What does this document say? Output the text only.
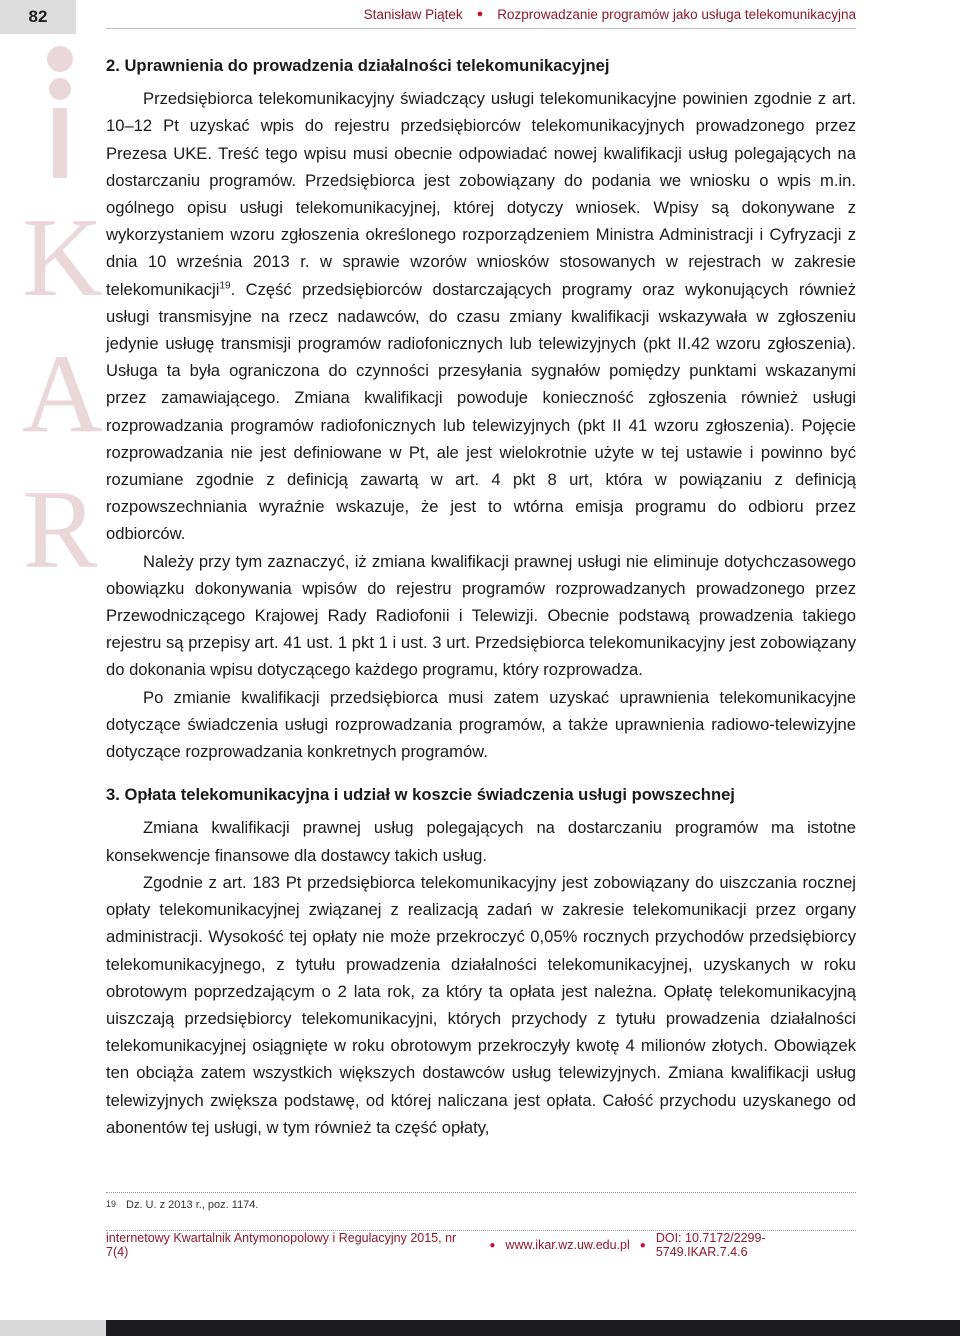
82	Stanisław Piątek ● Rozprowadzanie programów jako usługa telekomunikacyjna
K
A
R

2. Uprawnienia do prowadzenia działalności telekomunikacyjnej

Przedsiębiorca telekomunikacyjny świadczący usługi telekomunikacyjne powinien zgodnie z art. 10–12 Pt uzyskać wpis do rejestru przedsiębiorców telekomunikacyjnych prowadzonego przez Prezesa UKE. Treść tego wpisu musi obecnie odpowiadać nowej kwalifikacji usług polegających na dostarczaniu programów. Przedsiębiorca jest zobowiązany do podania we wniosku o wpis m.in. ogólnego opisu usługi telekomunikacyjnej, której dotyczy wniosek. Wpisy są dokonywane z wykorzystaniem wzoru zgłoszenia określonego rozporządzeniem Ministra Administracji i Cyfryzacji z dnia 10 września 2013 r. w sprawie wzorów wniosków stosowanych w rejestrach w zakresie telekomunikacji$^{19}$. Część przedsiębiorców dostarczających programy oraz wykonujących również usługi transmisyjne na rzecz nadawców, do czasu zmiany kwalifikacji wskazywała w zgłoszeniu jedynie usługę transmisji programów radiofonicznych lub telewizyjnych (pkt II.42 wzoru zgłoszenia). Usługa ta była ograniczona do czynności przesyłania sygnałów pomiędzy punktami wskazanymi przez zamawiającego. Zmiana kwalifikacji powoduje konieczność zgłoszenia również usługi rozprowadzania programów radiofonicznych lub telewizyjnych (pkt II 41 wzoru zgłoszenia). Pojęcie rozprowadzania nie jest definiowane w Pt, ale jest wielokrotnie użyte w tej ustawie i powinno być rozumiane zgodnie z definicją zawartą w art. 4 pkt 8 urt, która w powiązaniu z definicją rozpowszechniania wyraźnie wskazuje, że jest to wtórna emisja programu do odbioru przez odbiorców.

Należy przy tym zaznaczyć, iż zmiana kwalifikacji prawnej usługi nie eliminuje dotychczasowego obowiązku dokonywania wpisów do rejestru programów rozprowadzanych prowadzonego przez Przewodniczącego Krajowej Rady Radiofonii i Telewizji. Obecnie podstawą prowadzenia takiego rejestru są przepisy art. 41 ust. 1 pkt 1 i ust. 3 urt. Przedsiębiorca telekomunikacyjny jest zobowiązany do dokonania wpisu dotyczącego każdego programu, który rozprowadza.

Po zmianie kwalifikacji przedsiębiorca musi zatem uzyskać uprawnienia telekomunikacyjne dotyczące świadczenia usługi rozprowadzania programów, a także uprawnienia radiowo-telewizyjne dotyczące rozprowadzania konkretnych programów.

3. Opłata telekomunikacyjna i udział w koszcie świadczenia usługi powszechnej

Zmiana kwalifikacji prawnej usług polegających na dostarczaniu programów ma istotne konsekwencje finansowe dla dostawcy takich usług.

Zgodnie z art. 183 Pt przedsiębiorca telekomunikacyjny jest zobowiązany do uiszczania rocznej opłaty telekomunikacyjnej związanej z realizacją zadań w zakresie telekomunikacji przez organy administracji. Wysokość tej opłaty nie może przekroczyć 0,05% rocznych przychodów przedsiębiorcy telekomunikacyjnego, z tytułu prowadzenia działalności telekomunikacyjnej, uzyskanych w roku obrotowym poprzedzającym o 2 lata rok, za który ta opłata jest należna. Opłatę telekomunikacyjną uiszczają przedsiębiorcy telekomunikacyjni, których przychody z tytułu prowadzenia działalności telekomunikacyjnej osiągnięte w roku obrotowym przekroczyły kwotę 4 milionów złotych. Obowiązek ten obciąża zatem wszystkich większych dostawców usług telewizyjnych. Zmiana kwalifikacji usług telewizyjnych zwiększa podstawę, od której naliczana jest opłata. Całość przychodu uzyskanego od abonentów tej usługi, w tym również ta część opłaty,

19 Dz. U. z 2013 r., poz. 1174.
internetowy Kwartalnik Antymonopolowy i Regulacyjny 2015, nr 7(4)	● www.ikar.wz.uw.edu.pl ● DOI: 10.7172/2299-5749.IKAR.7.4.6
